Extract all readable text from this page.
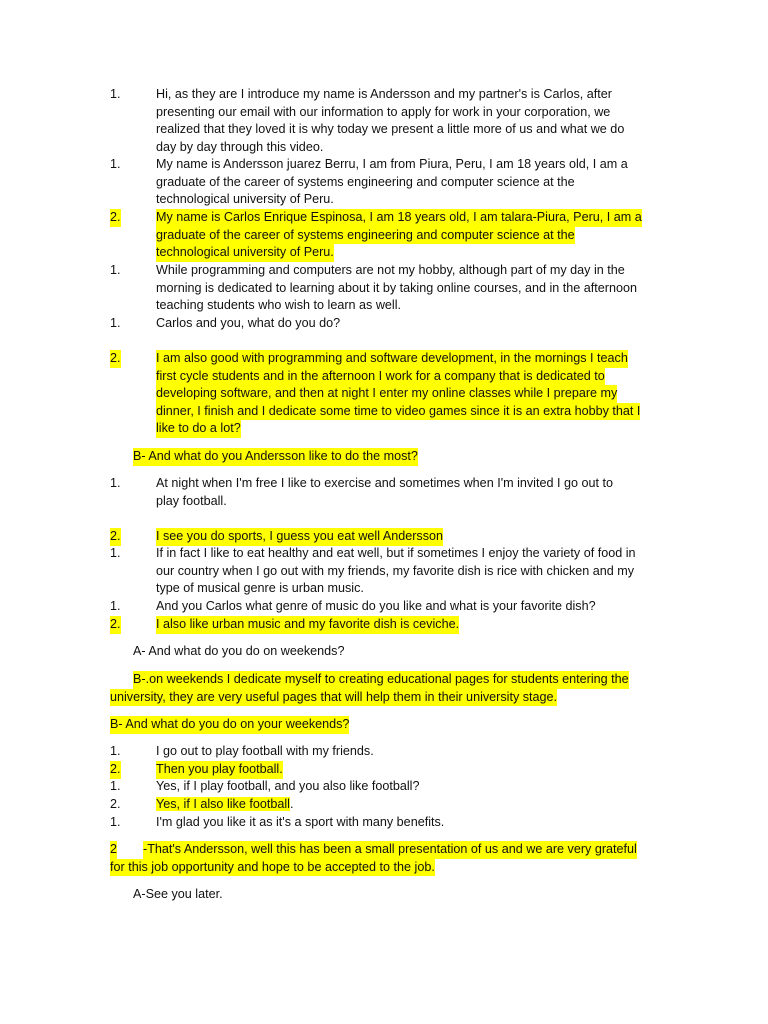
1.	Hi, as they are I introduce my name is Andersson and my partner's is Carlos, after
presenting our email with our information to apply for work in your corporation, we
realized that they loved it is why today we present a little more of us and what we do
day by day through this video.
1.	My name is Andersson juarez Berru, I am from Piura, Peru, I am 18 years old, I am a
graduate of the career of systems engineering and computer science at the
technological university of Peru.
2.	My name is Carlos Enrique Espinosa, I am 18 years old, I am talara-Piura, Peru, I am a
graduate of the career of systems engineering and computer science at the
technological university of Peru.
1.	While programming and computers are not my hobby, although part of my day in the
morning is dedicated to learning about it by taking online courses, and in the afternoon
teaching students who wish to learn as well.
1.	Carlos and you, what do you do?
2.	I am also good with programming and software development, in the mornings I teach
first cycle students and in the afternoon I work for a company that is dedicated to
developing software, and then at night I enter my online classes while I prepare my
dinner, I finish and I dedicate some time to video games since it is an extra hobby that I
like to do a lot?
B- And what do you Andersson like to do the most?
1.	At night when I'm free I like to exercise and sometimes when I'm invited I go out to
play football.
2.	I see you do sports, I guess you eat well Andersson
1.	If in fact I like to eat healthy and eat well, but if sometimes I enjoy the variety of food in
our country when I go out with my friends, my favorite dish is rice with chicken and my
type of musical genre is urban music.
1.	And you Carlos what genre of music do you like and what is your favorite dish?
2.	I also like urban music and my favorite dish is ceviche.
A- And what do you do on weekends?
B-.on weekends I dedicate myself to creating educational pages for students entering the
university, they are very useful pages that will help them in their university stage.
B- And what do you do on your weekends?
1.	I go out to play football with my friends.
2.	Then you play football.
1.	Yes, if I play football, and you also like football?
2.	Yes, if I also like football.
1.	I'm glad you like it as it's a sport with many benefits.
2 -That's Andersson, well this has been a small presentation of us and we are very grateful
for this job opportunity and hope to be accepted to the job.
A-See you later.
